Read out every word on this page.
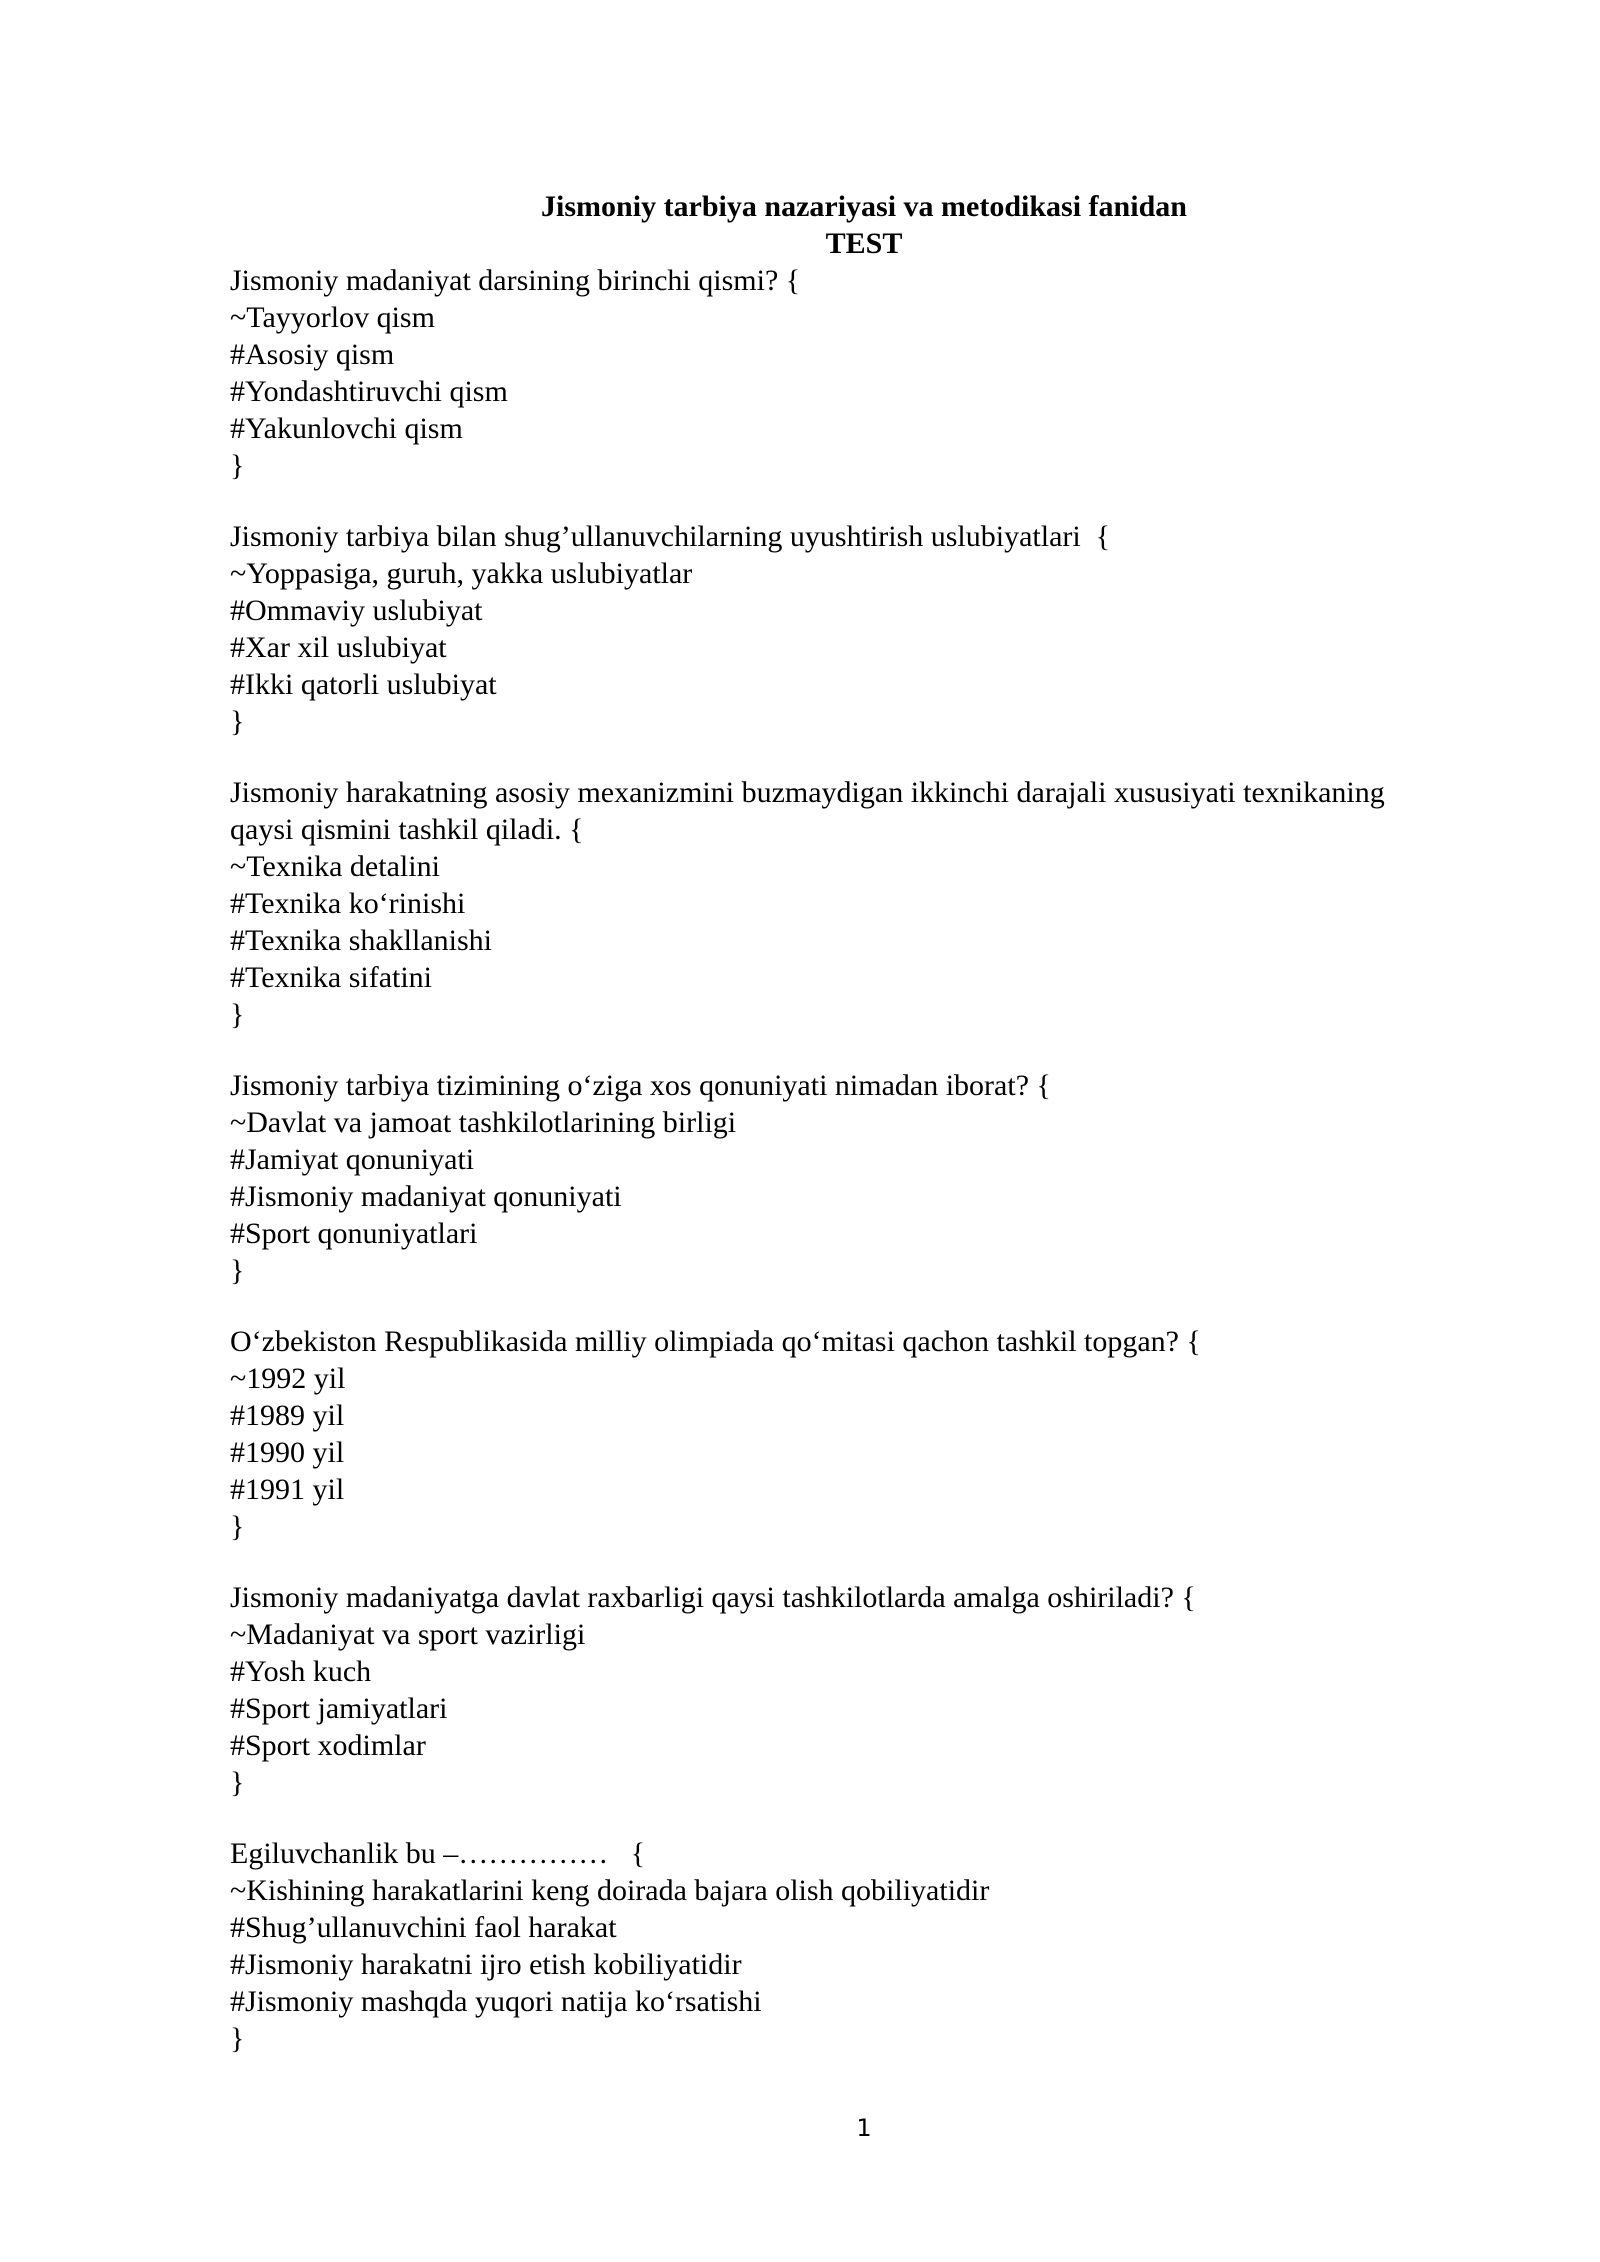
Jismoniy tarbiya nazariyasi va metodikasi fanidan
TEST
Jismoniy madaniyat darsining birinchi qismi? {
~Tayyorlov qism
#Asosiy qism
#Yondashtiruvchi qism
#Yakunlovchi qism
}
Jismoniy tarbiya bilan shug’ullanuvchilarning uyushtirish uslubiyatlari  {
~Yoppasiga, guruh, yakka uslubiyatlar
#Ommaviy uslubiyat
#Xar xil uslubiyat
#Ikki qatorli uslubiyat
}
Jismoniy harakatning asosiy mexanizmini buzmaydigan ikkinchi darajali xususiyati texnikaning
qaysi qismini tashkil qiladi. {
~Texnika detalini
#Texnika koʻrinishi
#Texnika shakllanishi
#Texnika sifatini
}
Jismoniy tarbiya tizimining oʻziga xos qonuniyati nimadan iborat? {
~Davlat va jamoat tashkilotlarining birligi
#Jamiyat qonuniyati
#Jismoniy madaniyat qonuniyati
#Sport qonuniyatlari
}
Oʻzbekiston Respublikasida milliy olimpiada qoʻmitasi qachon tashkil topgan? {
~1992 yil
#1989 yil
#1990 yil
#1991 yil
}
Jismoniy madaniyatga davlat raxbarligi qaysi tashkilotlarda amalga oshiriladi? {
~Madaniyat va sport vazirligi
#Yosh kuch
#Sport jamiyatlari
#Sport xodimlar
}
Egiluvchanlik bu –……………   {
~Kishining harakatlarini keng doirada bajara olish qobiliyatidir
#Shug’ullanuvchini faol harakat
#Jismoniy harakatni ijro etish kobiliyatidir
#Jismoniy mashqda yuqori natija koʻrsatishi
}
1
